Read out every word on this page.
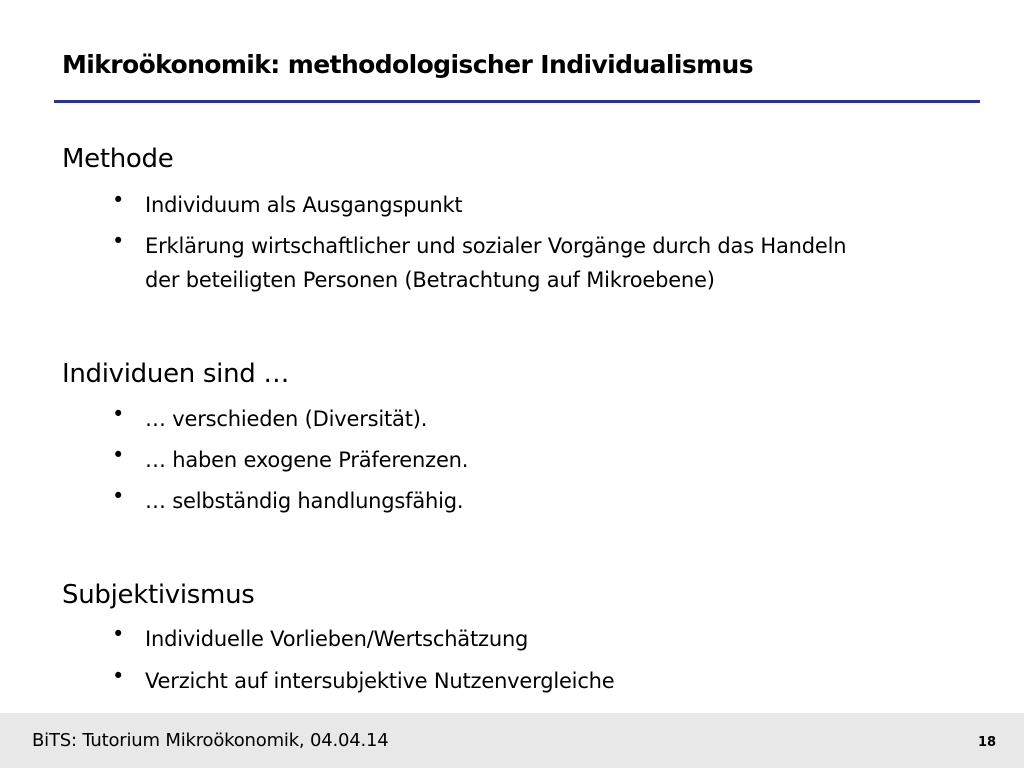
Mikroökonomik: methodologischer Individualismus
Methode
• Individuum als Ausgangspunkt
• Erklärung wirtschaftlicher und sozialer Vorgänge durch das Handeln
der beteiligten Personen (Betrachtung auf Mikroebene)
Individuen sind …
• … verschieden (Diversität).
• … haben exogene Präferenzen.
• … selbständig handlungsfähig.
Subjektivismus
• Individuelle Vorlieben/Wertschätzung
• Verzicht auf intersubjektive Nutzenvergleiche
BiTS: Tutorium Mikroökonomik, 04.04.14	18
